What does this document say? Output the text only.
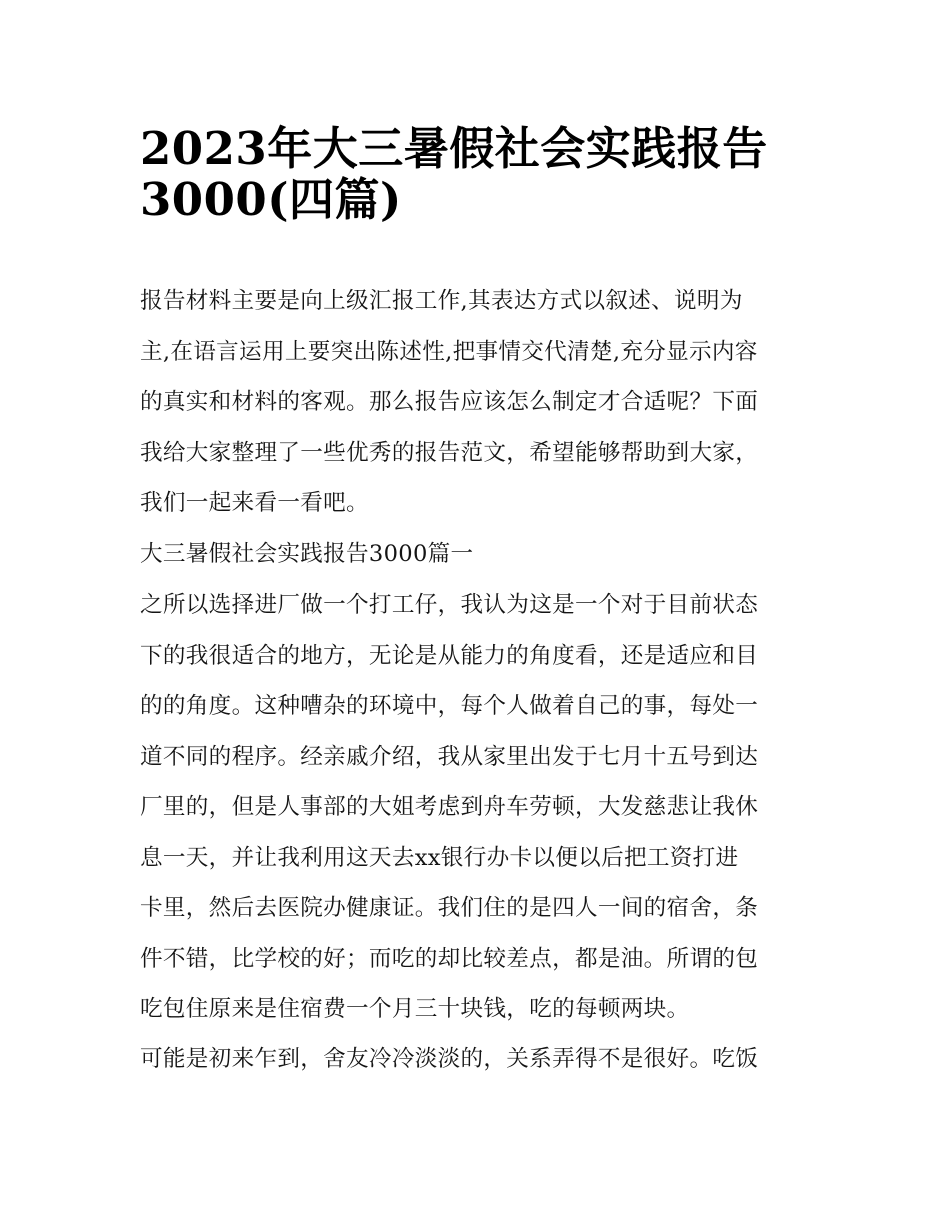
2023年大三暑假社会实践报告
3000(四篇)
报告材料主要是向上级汇报工作,其表达方式以叙述、说明为
主,在语言运用上要突出陈述性,把事情交代清楚,充分显示内容
的真实和材料的客观。那么报告应该怎么制定才合适呢？下面
我给大家整理了一些优秀的报告范文，希望能够帮助到大家，
我们一起来看一看吧。
大三暑假社会实践报告3000篇一
之所以选择进厂做一个打工仔，我认为这是一个对于目前状态
下的我很适合的地方，无论是从能力的角度看，还是适应和目
的的角度。这种嘈杂的环境中，每个人做着自己的事，每处一
道不同的程序。经亲戚介绍，我从家里出发于七月十五号到达
厂里的，但是人事部的大姐考虑到舟车劳顿，大发慈悲让我休
息一天，并让我利用这天去xx银行办卡以便以后把工资打进
卡里，然后去医院办健康证。我们住的是四人一间的宿舍，条
件不错，比学校的好；而吃的却比较差点，都是油。所谓的包
吃包住原来是住宿费一个月三十块钱，吃的每顿两块。
可能是初来乍到，舍友冷冷淡淡的，关系弄得不是很好。吃饭
